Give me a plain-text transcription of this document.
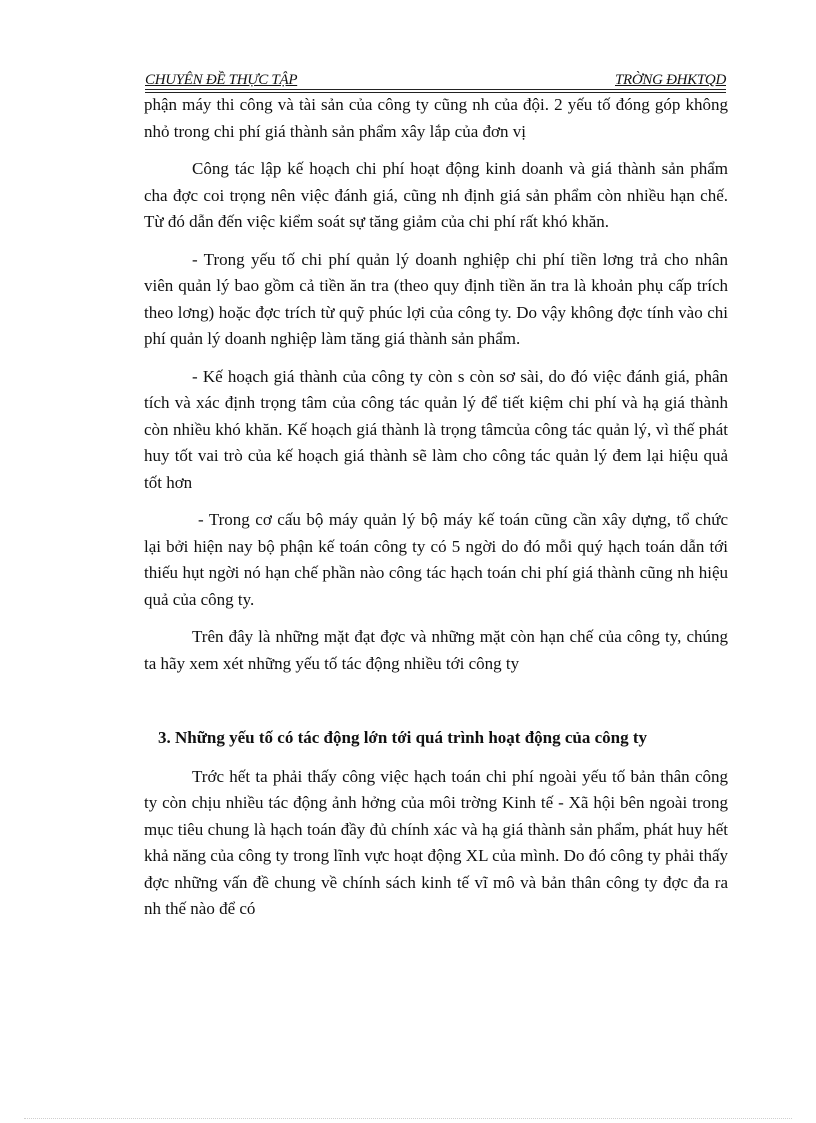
CHUYÊN ĐỀ THỰC TẬP	TRỜNG ĐHKTQD

phận máy thi công và tài sản của công ty cũng nh của đội. 2 yếu tố đóng góp không nhỏ trong chi phí giá thành sản phẩm xây lắp của đơn vị

Công tác lập kế hoạch chi phí hoạt động kinh doanh và giá thành sản phẩm cha đợc coi trọng nên việc đánh giá, cũng nh định giá sản phẩm còn nhiều hạn chế. Từ đó dẫn đến việc kiểm soát sự tăng giảm của chi phí rất khó khăn.

- Trong yếu tố chi phí quản lý doanh nghiệp chi phí tiền lơng trả cho nhân viên quản lý bao gồm cả tiền ăn tra (theo quy định tiền ăn tra là khoản phụ cấp trích theo lơng) hoặc đợc trích từ quỹ phúc lợi của công ty. Do vậy không đợc tính vào chi phí quản lý doanh nghiệp làm tăng giá thành sản phẩm.

- Kế hoạch giá thành của công ty còn s còn sơ sài, do đó việc đánh giá, phân tích và xác định trọng tâm của công tác quản lý để tiết kiệm chi phí và hạ giá thành còn nhiều khó khăn. Kế hoạch giá thành là trọng tâmcủa công tác quản lý, vì thế phát huy tốt vai trò của kế hoạch giá thành sẽ làm cho công tác quản lý đem lại hiệu quả tốt hơn

- Trong cơ cấu bộ máy quản lý bộ máy kế toán cũng cần xây dựng, tổ chức lại bởi hiện nay bộ phận kế toán công ty có 5 ngời do đó mỗi quý hạch toán dẫn tới thiếu hụt ngời nó hạn chế phần nào công tác hạch toán chi phí giá thành cũng nh hiệu quả của công ty.

Trên đây là những mặt đạt đợc và những mặt còn hạn chế của công ty, chúng ta hãy xem xét những yếu tố tác động nhiều tới công ty

3. Những yếu tố có tác động lớn tới quá trình hoạt động của công ty

Trớc hết ta phải thấy công việc hạch toán chi phí ngoài yếu tố bản thân công ty còn chịu nhiều tác động ảnh hởng của môi trờng Kinh tế - Xã hội bên ngoài trong mục tiêu chung là hạch toán đầy đủ chính xác và hạ giá thành sản phẩm, phát huy hết khả năng của công ty trong lĩnh vực hoạt động XL của mình. Do đó công ty phải thấy đợc những vấn đề chung về chính sách kinh tế vĩ mô và bản thân công ty đợc đa ra nh thế nào để có
